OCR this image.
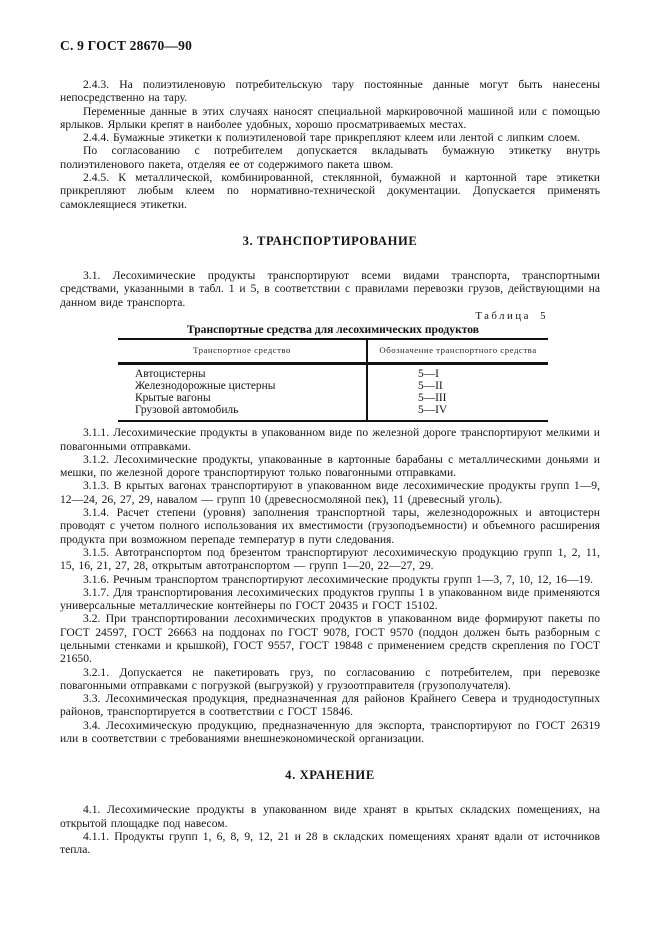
С. 9 ГОСТ 28670—90

2.4.3. На полиэтиленовую потребительскую тару постоянные данные могут быть нанесены непосредственно на тару.

Переменные данные в этих случаях наносят специальной маркировочной машиной или с помощью ярлыков. Ярлыки крепят в наиболее удобных, хорошо просматриваемых местах.

2.4.4. Бумажные этикетки к полиэтиленовой таре прикрепляют клеем или лентой с липким слоем.

По согласованию с потребителем допускается вкладывать бумажную этикетку внутрь полиэтиленового пакета, отделяя ее от содержимого пакета швом.

2.4.5. К металлической, комбинированной, стеклянной, бумажной и картонной таре этикетки прикрепляют любым клеем по нормативно-технической документации. Допускается применять самоклеящиеся этикетки.

3. ТРАНСПОРТИРОВАНИЕ

3.1. Лесохимические продукты транспортируют всеми видами транспорта, транспортными средствами, указанными в табл. 1 и 5, в соответствии с правилами перевозки грузов, действующими на данном виде транспорта.

Таблица 5
Транспортные средства для лесохимических продуктов
Транспортное средство	Обозначение транспортного средства
Автоцистерны	5—I
Железнодорожные цистерны	5—II
Крытые вагоны	5—III
Грузовой автомобиль	5—IV

3.1.1. Лесохимические продукты в упакованном виде по железной дороге транспортируют мелкими и повагонными отправками.

3.1.2. Лесохимические продукты, упакованные в картонные барабаны с металлическими доньями и мешки, по железной дороге транспортируют только повагонными отправками.

3.1.3. В крытых вагонах транспортируют в упакованном виде лесохимические продукты групп 1—9, 12—24, 26, 27, 29, навалом — групп 10 (древесносмоляной пек), 11 (древесный уголь).

3.1.4. Расчет степени (уровня) заполнения транспортной тары, железнодорожных и автоцистерн проводят с учетом полного использования их вместимости (грузоподъемности) и объемного расширения продукта при возможном перепаде температур в пути следования.

3.1.5. Автотранспортом под брезентом транспортируют лесохимическую продукцию групп 1, 2, 11, 15, 16, 21, 27, 28, открытым автотранспортом — групп 1—20, 22—27, 29.

3.1.6. Речным транспортом транспортируют лесохимические продукты групп 1—3, 7, 10, 12, 16—19.

3.1.7. Для транспортирования лесохимических продуктов группы 1 в упакованном виде применяются универсальные металлические контейнеры по ГОСТ 20435 и ГОСТ 15102.

3.2. При транспортировании лесохимических продуктов в упакованном виде формируют пакеты по ГОСТ 24597, ГОСТ 26663 на поддонах по ГОСТ 9078, ГОСТ 9570 (поддон должен быть разборным с цельными стенками и крышкой), ГОСТ 9557, ГОСТ 19848 с применением средств скрепления по ГОСТ 21650.

3.2.1. Допускается не пакетировать груз, по согласованию с потребителем, при перевозке повагонными отправками с погрузкой (выгрузкой) у грузоотправителя (грузополучателя).

3.3. Лесохимическая продукция, предназначенная для районов Крайнего Севера и труднодоступных районов, транспортируется в соответствии с ГОСТ 15846.

3.4. Лесохимическую продукцию, предназначенную для экспорта, транспортируют по ГОСТ 26319 или в соответствии с требованиями внешнеэкономической организации.

4. ХРАНЕНИЕ

4.1. Лесохимические продукты в упакованном виде хранят в крытых складских помещениях, на открытой площадке под навесом.

4.1.1. Продукты групп 1, 6, 8, 9, 12, 21 и 28 в складских помещениях хранят вдали от источников тепла.
